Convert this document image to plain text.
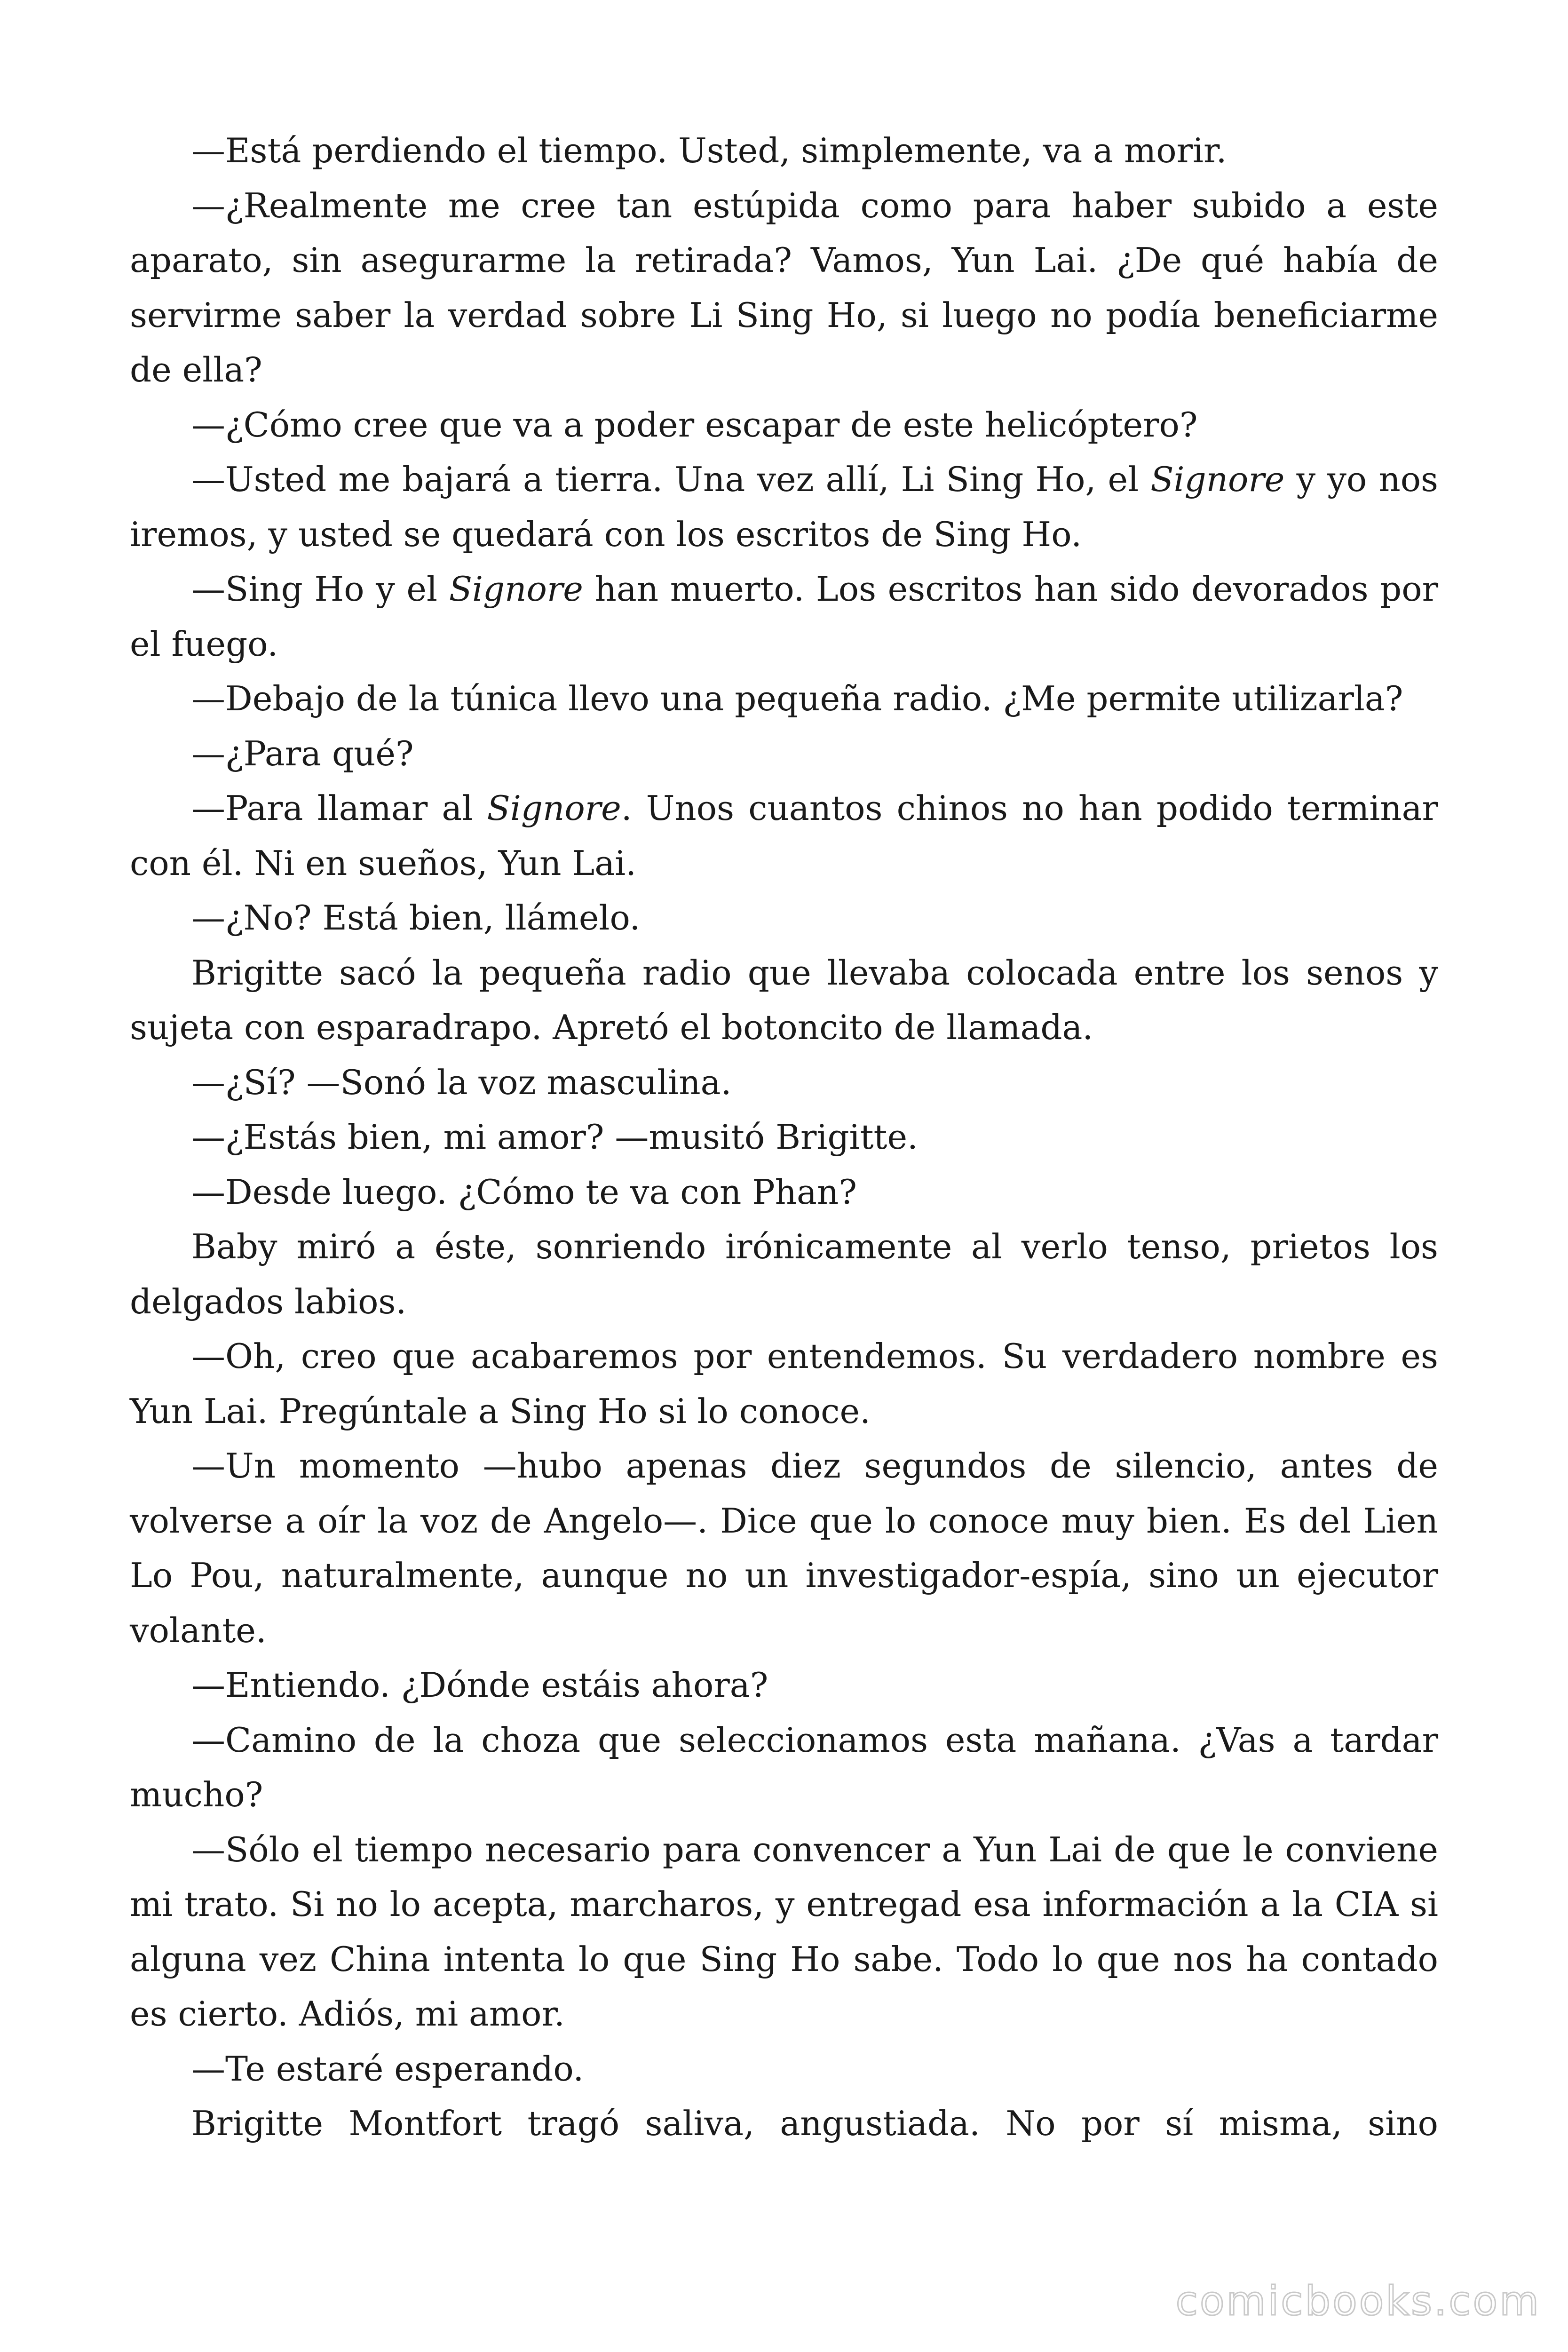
—Está perdiendo el tiempo. Usted, simplemente, va a morir.

—¿Realmente me cree tan estúpida como para haber subido a este aparato, sin asegurarme la retirada? Vamos, Yun Lai. ¿De qué había de servirme saber la verdad sobre Li Sing Ho, si luego no podía beneficiarme de ella?

—¿Cómo cree que va a poder escapar de este helicóptero?

—Usted me bajará a tierra. Una vez allí, Li Sing Ho, el Signore y yo nos iremos, y usted se quedará con los escritos de Sing Ho.

—Sing Ho y el Signore han muerto. Los escritos han sido devorados por el fuego.

—Debajo de la túnica llevo una pequeña radio. ¿Me permite utilizarla?

—¿Para qué?

—Para llamar al Signore. Unos cuantos chinos no han podido terminar con él. Ni en sueños, Yun Lai.

—¿No? Está bien, llámelo.

Brigitte sacó la pequeña radio que llevaba colocada entre los senos y sujeta con esparadrapo. Apretó el botoncito de llamada.

—¿Sí? —Sonó la voz masculina.

—¿Estás bien, mi amor? —musitó Brigitte.

—Desde luego. ¿Cómo te va con Phan?

Baby miró a éste, sonriendo irónicamente al verlo tenso, prietos los delgados labios.

—Oh, creo que acabaremos por entendemos. Su verdadero nombre es Yun Lai. Pregúntale a Sing Ho si lo conoce.

—Un momento —hubo apenas diez segundos de silencio, antes de volverse a oír la voz de Angelo—. Dice que lo conoce muy bien. Es del Lien Lo Pou, naturalmente, aunque no un investigador-espía, sino un ejecutor volante.

—Entiendo. ¿Dónde estáis ahora?

—Camino de la choza que seleccionamos esta mañana. ¿Vas a tardar mucho?

—Sólo el tiempo necesario para convencer a Yun Lai de que le conviene mi trato. Si no lo acepta, marcharos, y entregad esa información a la CIA si alguna vez China intenta lo que Sing Ho sabe. Todo lo que nos ha contado es cierto. Adiós, mi amor.

—Te estaré esperando.

Brigitte Montfort tragó saliva, angustiada. No por sí misma, sino

comicbooks.com
